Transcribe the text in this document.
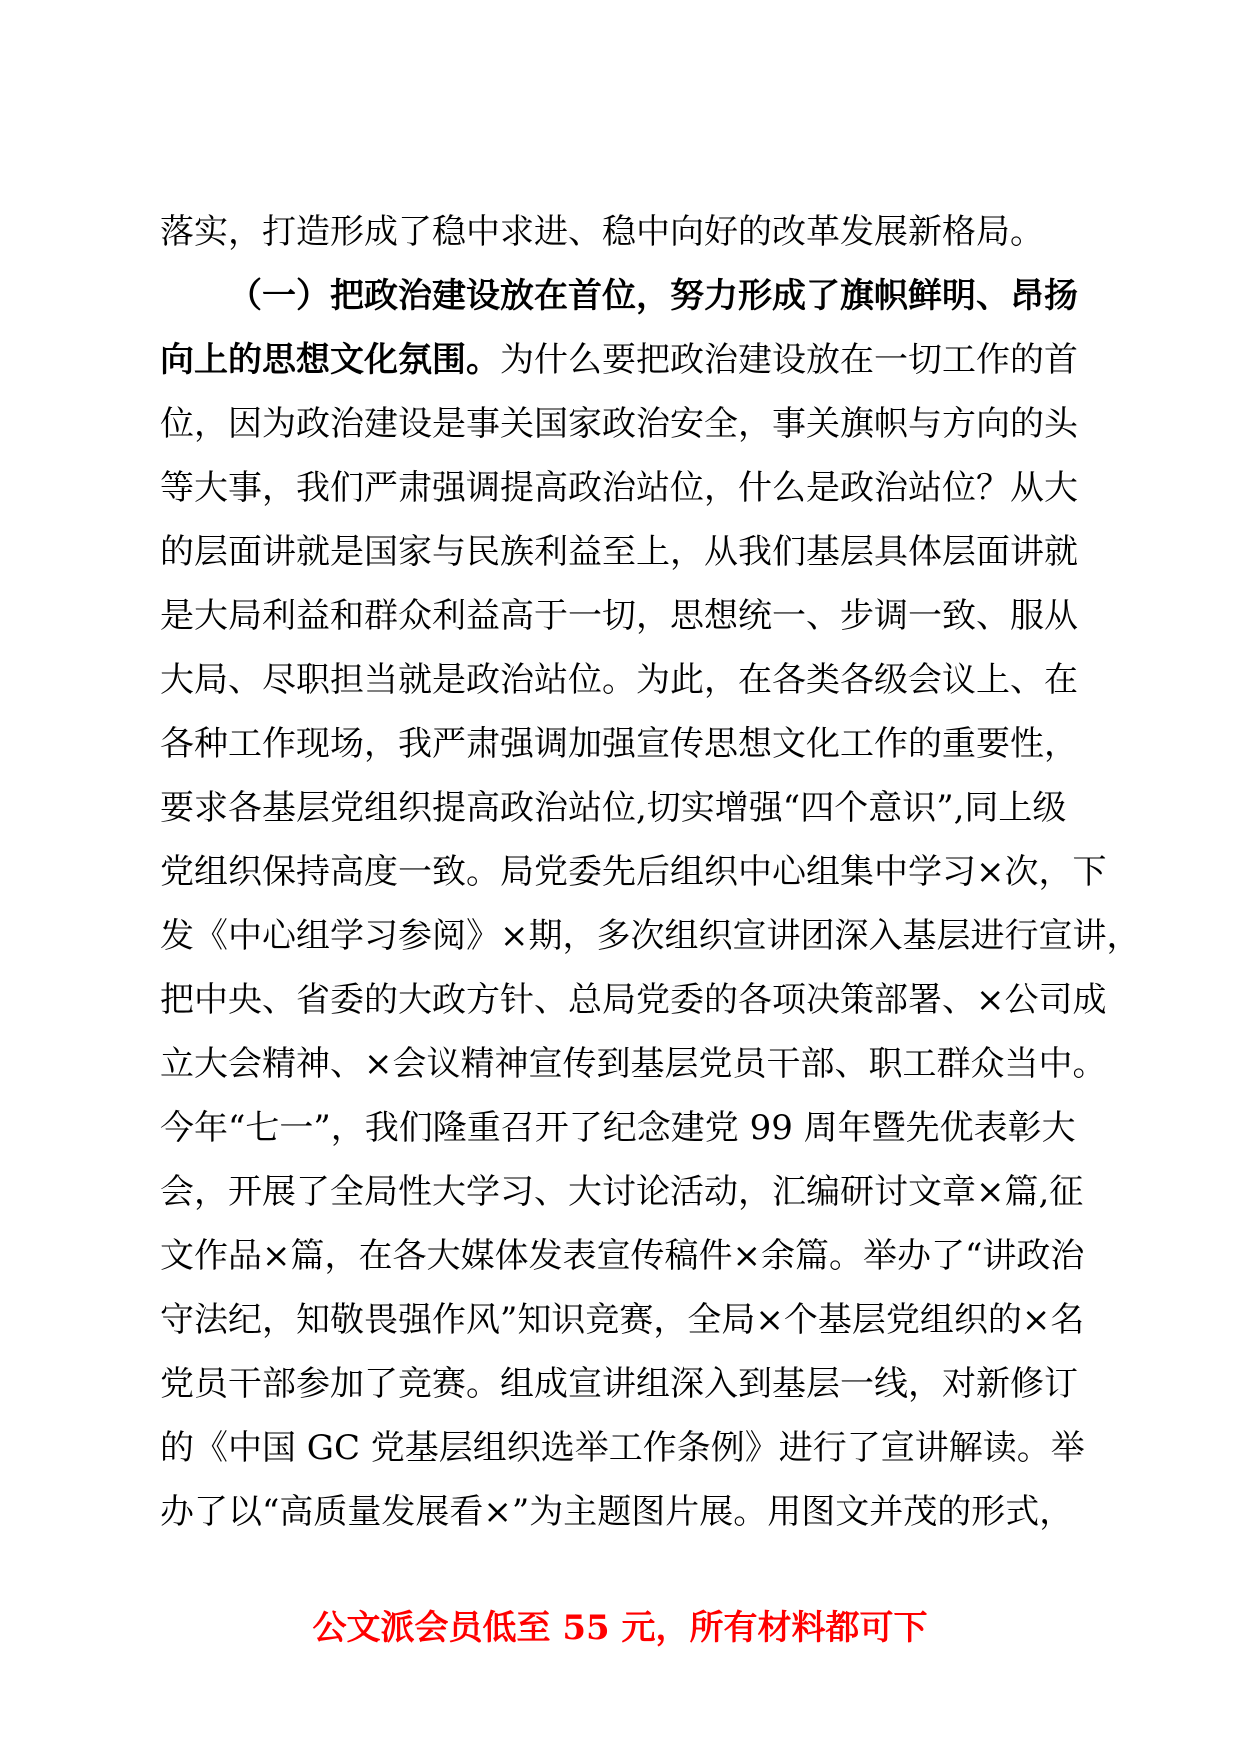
落实，打造形成了稳中求进、稳中向好的改革发展新格局。
（一）把政治建设放在首位，努力形成了旗帜鲜明、昂扬
向上的思想文化氛围。为什么要把政治建设放在一切工作的首
位，因为政治建设是事关国家政治安全，事关旗帜与方向的头
等大事，我们严肃强调提高政治站位，什么是政治站位？从大
的层面讲就是国家与民族利益至上，从我们基层具体层面讲就
是大局利益和群众利益高于一切，思想统一、步调一致、服从
大局、尽职担当就是政治站位。为此，在各类各级会议上、在
各种工作现场，我严肃强调加强宣传思想文化工作的重要性，
要求各基层党组织提高政治站位,切实增强“四个意识”,同上级
党组织保持高度一致。局党委先后组织中心组集中学习×次，下
发《中心组学习参阅》×期，多次组织宣讲团深入基层进行宣讲，
把中央、省委的大政方针、总局党委的各项决策部署、×公司成
立大会精神、×会议精神宣传到基层党员干部、职工群众当中。
今年“七一”，我们隆重召开了纪念建党 99 周年暨先优表彰大
会，开展了全局性大学习、大讨论活动，汇编研讨文章×篇,征
文作品×篇，在各大媒体发表宣传稿件×余篇。举办了“讲政治
守法纪，知敬畏强作风”知识竞赛，全局×个基层党组织的×名
党员干部参加了竞赛。组成宣讲组深入到基层一线，对新修订
的《中国 GC 党基层组织选举工作条例》进行了宣讲解读。举
办了以“高质量发展看×”为主题图片展。用图文并茂的形式，
公文派会员低至 55 元，所有材料都可下
